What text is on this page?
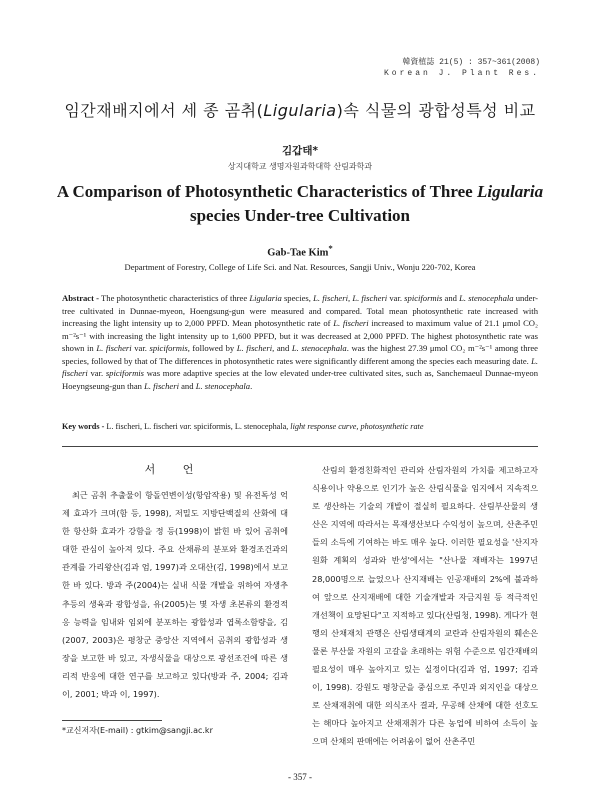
韓資植誌 21(5) : 357~361(2008)
Korean J. Plant Res.
임간재배지에서 세 종 곰취(Ligularia)속 식물의 광합성특성 비교
김갑태*
상지대학교 생명자원과학대학 산림과학과
A Comparison of Photosynthetic Characteristics of Three Ligularia
species Under-tree Cultivation
Gab-Tae Kim*
Department of Forestry, College of Life Sci. and Nat. Resources, Sangji Univ., Wonju 220-702, Korea
Abstract - The photosynthetic characteristics of three Ligularia species, L. fischeri, L. fischeri var. spiciformis and L. stenocephala under-tree cultivated in Dunnae-myeon, Hoengsung-gun were measured and compared. Total mean photosynthetic rate increased with increasing the light intensity up to 2,000 PPFD. Mean photosynthetic rate of L. fischeri increased to maximum value of 21.1 μmol CO₂ m⁻²s⁻¹ with increasing the light intensity up to 1,600 PPFD, but it was decreased at 2,000 PPFD. The highest photosynthetic rate was shown in L. fischeri var. spiciformis, followed by L. fischeri, and L. stenocephala. was the highest 27.39 μmol CO₂ m⁻²s⁻¹ among three species, followed by that of The differences in photosynthetic rates were significantly different among the species each measuring date. L. fischeri var. spiciformis was more adaptive species at the low elevated under-tree cultivated sites, such as, Sanchemaeul Dunnae-myeon Hoeyngseung-gun than L. fischeri and L. stenocephala.
Key words - L. fischeri, L. fischeri var. spiciformis, L. stenocephala, light response curve, photosynthetic rate
서 언

최근 곰취 추출물이 항돌연변이성(항암작용) 및 유전독성 억제 효과가 크며(함 등, 1998), 저밀도 지방단백질의 산화에 대한 항산화 효과가 강함을 정 등(1998)이 밝힌 바 있어 곰취에 대한 관심이 높아져 있다. 주요 산채류의 분포와 환경조건과의 관계를 가리왕산(김과 엄, 1997)과 오대산(김, 1998)에서 보고한 바 있다. 방과 주(2004)는 실내 식물 개발을 위하여 자생추추등의 생육과 광합성을, 유(2005)는 몇 자생 초본류의 환경적응 능력을 임내와 임외에 분포하는 광합성과 엽록소함량을, 김(2007, 2003)은 평창군 중앙산 지역에서 곰취의 광합성과 생장을 보고한 바 있고, 자생식물을 대상으로 광선조건에 따른 생리적 반응에 대한 연구를 보고하고 있다(방과 주, 2004; 김과 이, 2001; 박과 이, 1997).

산림의 환경친화적인 관리와 산림자원의 가치를 제고하고자 식용이나 약용으로 인기가 높은 산림식물을 임지에서 지속적으로 생산하는 기술의 개발이 절실히 필요하다. 산림부산물의 생산은 지역에 따라서는 목재생산보다 수익성이 높으며, 산촌주민들의 소득에 기여하는 바도 매우 높다. 이러한 필요성을 '산지자원화 계획의 성과와 반성'에서는 "산나물 재배자는 1997년 28,000명으로 늘었으나 산지재배는 인공재배의 2%에 불과하여 앞으로 산지재배에 대한 기술개발과 자금지원 등 적극적인 개선책이 요망된다"고 지적하고 있다(산림청, 1998). 게다가 현행의 산채재치 관행은 산림생태계의 교란과 산림자원의 훼손은 물론 부산물 자원의 고갈을 초래하는 위험 수준으로 임간재배의 필요성이 매우 높아지고 있는 실정이다(김과 엄, 1997; 김과 이, 1998). 강원도 평창군을 중심으로 주민과 외지인을 대상으로 산채재취에 대한 의식조사 결과, 무공해 산채에 대한 선호도는 해마다 높아지고 산채재취가 다른 농업에 비하여 소득이 높으며 산채의 판매에는 어려움이 없어 산촌주민

*교신저자(E-mail) : gtkim@sangji.ac.kr
- 357 -
